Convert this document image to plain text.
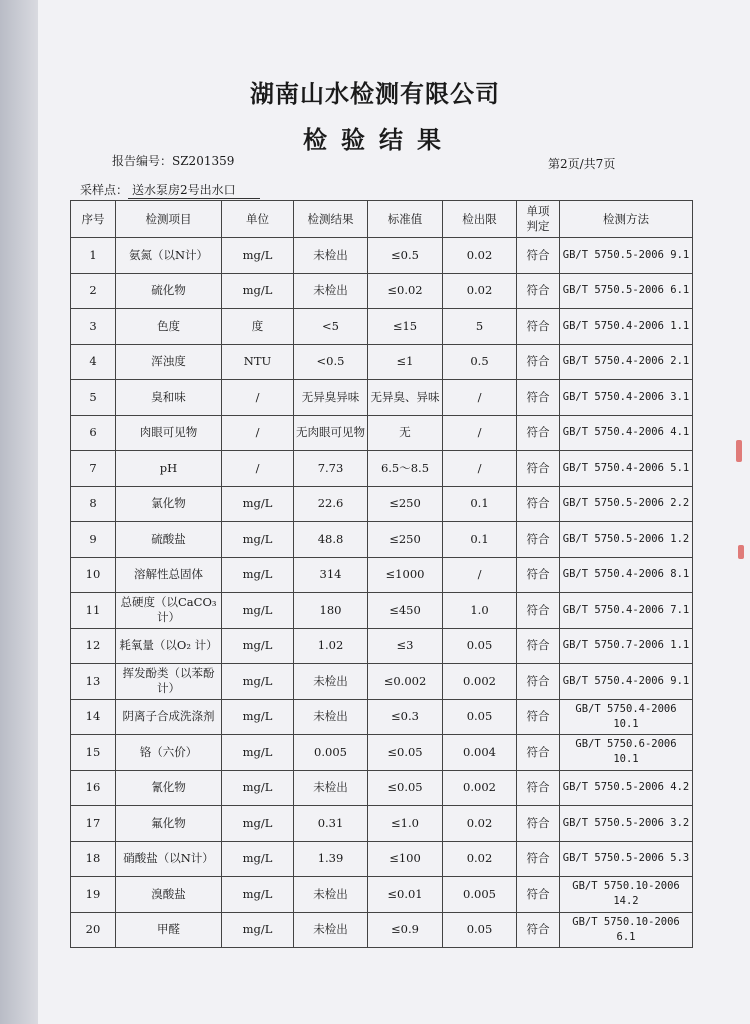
湖南山水检测有限公司
检验结果
报告编号：SZ201359	第2页/共7页
采样点： 送水泵房2号出水口
序号	检测项目	单位	检测结果	标准值	检出限	单项判定	检测方法
1	氨氮（以N计）	mg/L	未检出	≤0.5	0.02	符合	GB/T 5750.5-2006 9.1
2	硫化物	mg/L	未检出	≤0.02	0.02	符合	GB/T 5750.5-2006 6.1
3	色度	度	<5	≤15	5	符合	GB/T 5750.4-2006 1.1
4	浑浊度	NTU	<0.5	≤1	0.5	符合	GB/T 5750.4-2006 2.1
5	臭和味	/	无异臭异味	无异臭、异味	/	符合	GB/T 5750.4-2006 3.1
6	肉眼可见物	/	无肉眼可见物	无	/	符合	GB/T 5750.4-2006 4.1
7	pH	/	7.73	6.5～8.5	/	符合	GB/T 5750.4-2006 5.1
8	氯化物	mg/L	22.6	≤250	0.1	符合	GB/T 5750.5-2006 2.2
9	硫酸盐	mg/L	48.8	≤250	0.1	符合	GB/T 5750.5-2006 1.2
10	溶解性总固体	mg/L	314	≤1000	/	符合	GB/T 5750.4-2006 8.1
11	总硬度（以CaCO₃计）	mg/L	180	≤450	1.0	符合	GB/T 5750.4-2006 7.1
12	耗氧量（以O₂ 计）	mg/L	1.02	≤3	0.05	符合	GB/T 5750.7-2006 1.1
13	挥发酚类（以苯酚计）	mg/L	未检出	≤0.002	0.002	符合	GB/T 5750.4-2006 9.1
14	阴离子合成洗涤剂	mg/L	未检出	≤0.3	0.05	符合	GB/T 5750.4-2006 10.1
15	铬（六价）	mg/L	0.005	≤0.05	0.004	符合	GB/T 5750.6-2006 10.1
16	氰化物	mg/L	未检出	≤0.05	0.002	符合	GB/T 5750.5-2006 4.2
17	氟化物	mg/L	0.31	≤1.0	0.02	符合	GB/T 5750.5-2006 3.2
18	硝酸盐（以N计）	mg/L	1.39	≤100	0.02	符合	GB/T 5750.5-2006 5.3
19	溴酸盐	mg/L	未检出	≤0.01	0.005	符合	GB/T 5750.10-2006 14.2
20	甲醛	mg/L	未检出	≤0.9	0.05	符合	GB/T 5750.10-2006 6.1
